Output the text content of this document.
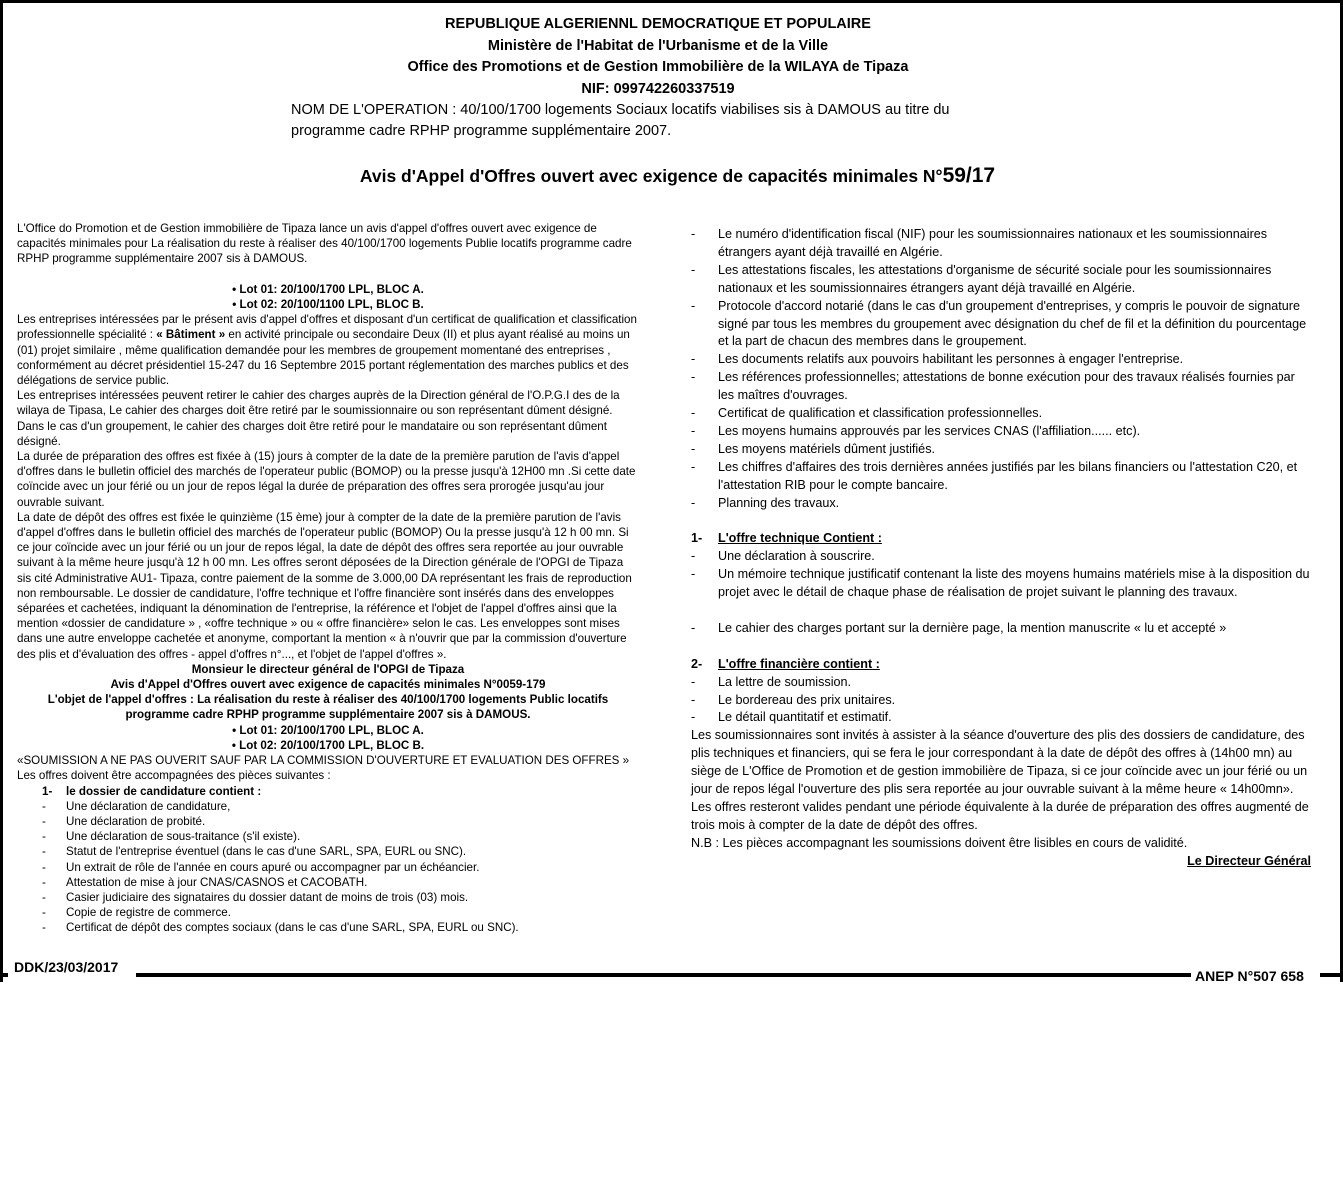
REPUBLIQUE ALGERIENNL DEMOCRATIQUE ET POPULAIRE
Ministère de l'Habitat de l'Urbanisme et de la Ville
Office des Promotions et de Gestion Immobilière de la WILAYA de Tipaza
NIF: 099742260337519
NOM DE L'OPERATION : 40/100/1700 logements Sociaux locatifs viabilises sis à DAMOUS au titre du programme cadre RPHP programme supplémentaire 2007.
Avis d'Appel d'Offres ouvert avec exigence de capacités minimales N°59/17

L'Office do Promotion et de Gestion immobilière de Tipaza lance un avis d'appel d'offres ouvert avec exigence de capacités minimales pour La réalisation du reste à réaliser des 40/100/1700 logements Publie locatifs programme cadre RPHP programme supplémentaire 2007 sis à DAMOUS.

• Lot 01: 20/100/1700 LPL, BLOC A.

• Lot 02: 20/100/1100 LPL, BLOC B.

Les entreprises intéressées par le présent avis d'appel d'offres et disposant d'un certificat de qualification et classification professionnelle spécialité : « Bâtiment » en activité principale ou secondaire Deux (II) et plus ayant réalisé au moins un (01) projet similaire , même qualification demandée pour les membres de groupement momentané des entreprises , conformément au décret présidentiel 15-247 du 16 Septembre 2015 portant réglementation des marches publics et des délégations de service public.

Les entreprises intéressées peuvent retirer le cahier des charges auprès de la Direction général de l'O.P.G.I des de la wilaya de Tipasa, Le cahier des charges doit être retiré par le soumissionnaire ou son représentant dûment désigné. Dans le cas d'un groupement, le cahier des charges doit être retiré pour le mandataire ou son représentant dûment désigné.

La durée de préparation des offres est fixée à (15) jours à compter de la date de la première parution de l'avis d'appel d'offres dans le bulletin officiel des marchés de l'operateur public (BOMOP) ou la presse jusqu'à 12H00 mn .Si cette date coïncide avec un jour férié ou un jour de repos légal la durée de préparation des offres sera prorogée jusqu'au jour ouvrable suivant.

La date de dépôt des offres est fixée le quinzième (15 ème) jour à compter de la date de la première parution de l'avis d'appel d'offres dans le bulletin officiel des marchés de l'operateur public (BOMOP) Ou la presse jusqu'à 12 h 00 mn. Si ce jour coïncide avec un jour férié ou un jour de repos légal, la date de dépôt des offres sera reportée au jour ouvrable suivant à la même heure jusqu'à 12 h 00 mn. Les offres seront déposées de la Direction générale de l'OPGI de Tipaza sis cité Administrative AU1- Tipaza, contre paiement de la somme de 3.000,00 DA représentant les frais de reproduction non remboursable. Le dossier de candidature, l'offre technique et l'offre financière sont insérés dans des enveloppes séparées et cachetées, indiquant la dénomination de l'entreprise, la référence et l'objet de l'appel d'offres ainsi que la mention «dossier de candidature » , «offre technique » ou « offre financière» selon le cas. Les enveloppes sont mises dans une autre enveloppe cachetée et anonyme, comportant la mention « à n'ouvrir que par la commission d'ouverture des plis et d'évaluation des offres - appel d'offres n°..., et l'objet de l'appel d'offres ».

Monsieur le directeur général de l'OPGI de Tipaza

Avis d'Appel d'Offres ouvert avec exigence de capacités minimales N°0059-179

L'objet de l'appel d'offres : La réalisation du reste à réaliser des 40/100/1700 logements Public locatifs programme cadre RPHP programme supplémentaire 2007 sis à DAMOUS.

• Lot 01: 20/100/1700 LPL, BLOC A.

• Lot 02: 20/100/1700 LPL, BLOC B.

«SOUMISSION A NE PAS OUVERIT SAUF PAR LA COMMISSION D'OUVERTURE ET EVALUATION DES OFFRES »

Les offres doivent être accompagnées des pièces suivantes :

1-	le dossier de candidature contient :
-	Une déclaration de candidature,
-	Une déclaration de probité.
-	Une déclaration de sous-traitance (s'il existe).
-	Statut de l'entreprise éventuel (dans le cas d'une SARL, SPA, EURL ou SNC).
-	Un extrait de rôle de l'année en cours apuré ou accompagner par un échéancier.
-	Attestation de mise à jour CNAS/CASNOS et CACOBATH.
-	Casier judiciaire des signataires du dossier datant de moins de trois (03) mois.
-	Copie de registre de commerce.
-	Certificat de dépôt des comptes sociaux (dans le cas d'une SARL, SPA, EURL ou SNC).
-	Le numéro d'identification fiscal (NIF) pour les soumissionnaires nationaux et les soumissionnaires étrangers ayant déjà travaillé en Algérie.
-	Les attestations fiscales, les attestations d'organisme de sécurité sociale pour les soumissionnaires nationaux et les soumissionnaires étrangers ayant déjà travaillé en Algérie.
-	Protocole d'accord notarié (dans le cas d'un groupement d'entreprises, y compris le pouvoir de signature signé par tous les membres du groupement avec désignation du chef de fil et la définition du pourcentage et la part de chacun des membres dans le groupement.
-	Les documents relatifs aux pouvoirs habilitant les personnes à engager l'entreprise.
-	Les références professionnelles; attestations de bonne exécution pour des travaux réalisés fournies par les maîtres d'ouvrages.
-	Certificat de qualification et classification professionnelles.
-	Les moyens humains approuvés par les services CNAS (l'affiliation...... etc).
-	Les moyens matériels dûment justifiés.
-	Les chiffres d'affaires des trois dernières années justifiés par les bilans financiers ou l'attestation C20, et l'attestation RIB pour le compte bancaire.
-	Planning des travaux.
1-	L'offre technique Contient :
-	Une déclaration à souscrire.
-	Un mémoire technique justificatif contenant la liste des moyens humains matériels mise à la disposition du projet avec le détail de chaque phase de réalisation de projet suivant le planning des travaux.
-	Le cahier des charges portant sur la dernière page, la mention manuscrite « lu et accepté »
2-	L'offre financière contient :
-	La lettre de soumission.
-	Le bordereau des prix unitaires.
-	Le détail quantitatif et estimatif.

Les soumissionnaires sont invités à assister à la séance d'ouverture des plis des dossiers de candidature, des plis techniques et financiers, qui se fera le jour correspondant à la date de dépôt des offres à (14h00 mn) au siège de L'Office de Promotion et de gestion immobilière de Tipaza, si ce jour coïncide avec un jour férié ou un jour de repos légal l'ouverture des plis sera reportée au jour ouvrable suivant à la même heure « 14h00mn».

Les offres resteront valides pendant une période équivalente à la durée de préparation des offres augmenté de trois mois à compter de la date de dépôt des offres.

N.B : Les pièces accompagnant les soumissions doivent être lisibles en cours de validité.

Le Directeur Général

DDK/23/03/2017
ANEP N°507 658
